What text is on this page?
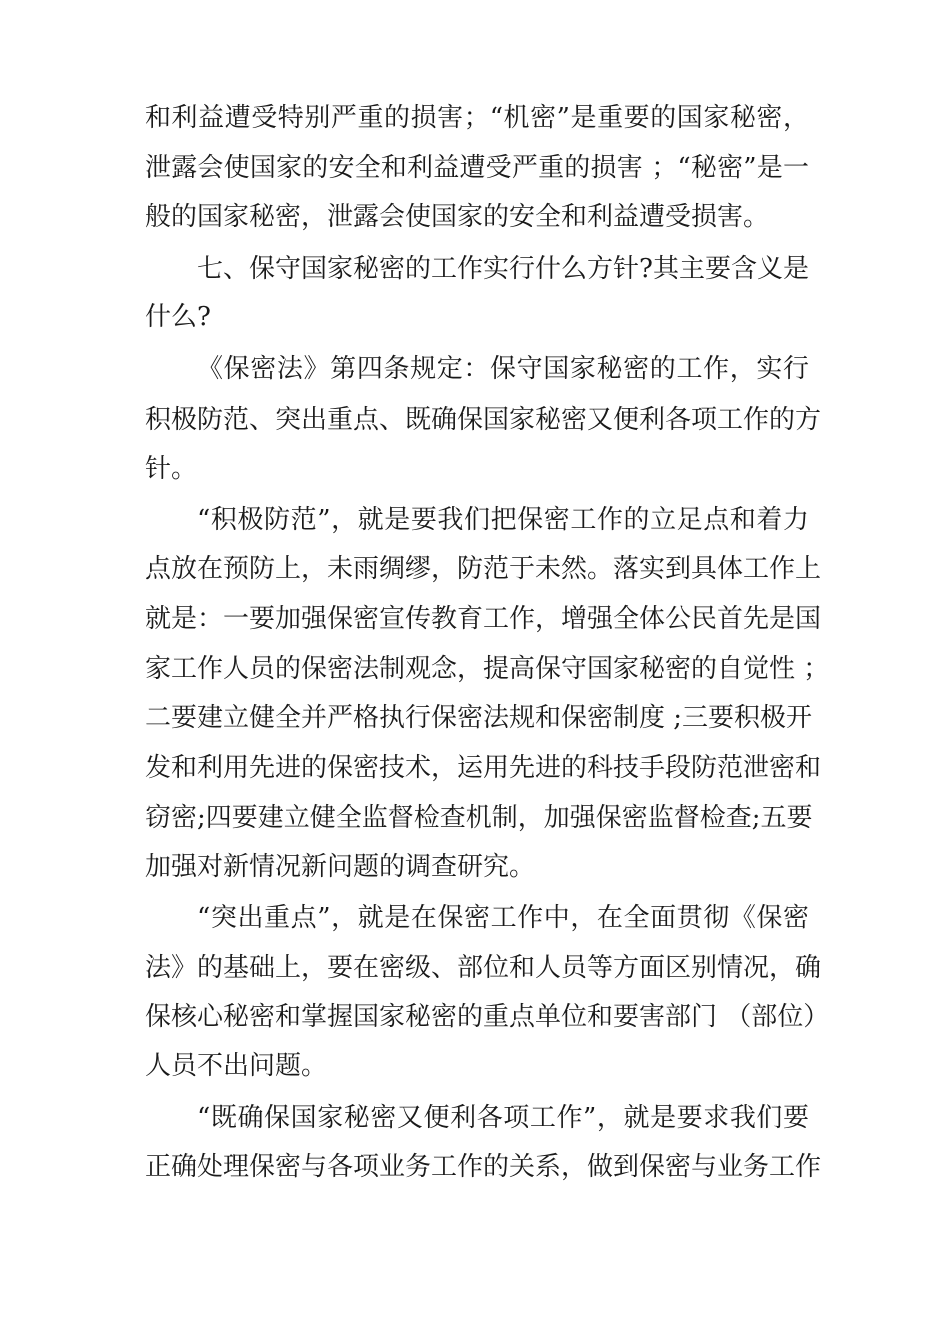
和利益遭受特别严重的损害；“机密”是重要的国家秘密，
泄露会使国家的安全和利益遭受严重的损害 ；“秘密”是一
般的国家秘密，泄露会使国家的安全和利益遭受损害。
七、保守国家秘密的工作实行什么方针?其主要含义是
什么?
《保密法》第四条规定：保守国家秘密的工作，实行
积极防范、突出重点、既确保国家秘密又便利各项工作的方
针。
“积极防范”，就是要我们把保密工作的立足点和着力
点放在预防上，未雨绸缪，防范于未然。落实到具体工作上
就是：一要加强保密宣传教育工作，增强全体公民首先是国
家工作人员的保密法制观念，提高保守国家秘密的自觉性 ；
二要建立健全并严格执行保密法规和保密制度 ;三要积极开
发和利用先进的保密技术，运用先进的科技手段防范泄密和
窃密;四要建立健全监督检查机制，加强保密监督检查;五要
加强对新情况新问题的调查研究。
“突出重点”，就是在保密工作中，在全面贯彻《保密
法》的基础上，要在密级、部位和人员等方面区别情况，确
保核心秘密和掌握国家秘密的重点单位和要害部门 （部位）
人员不出问题。
“既确保国家秘密又便利各项工作”，就是要求我们要
正确处理保密与各项业务工作的关系，做到保密与业务工作
